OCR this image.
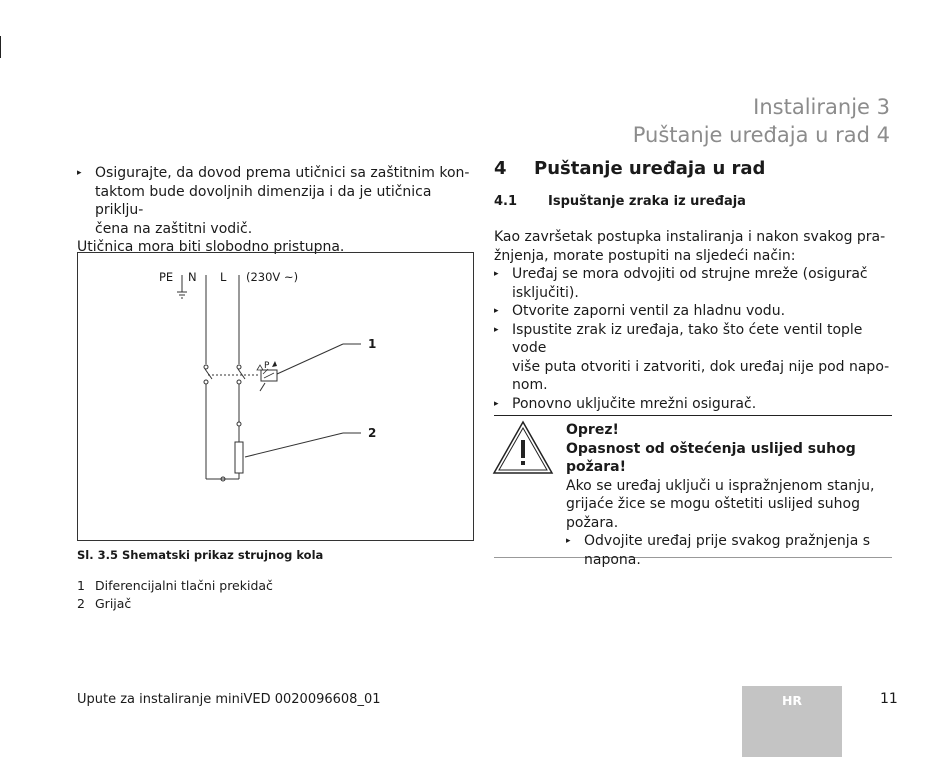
Instaliranje 3
Puštanje uređaja u rad 4
▸ Osigurajte, da dovod prema utičnici sa zaštitnim kon-
taktom bude dovoljnih dimenzija i da je utičnica priklju-
čena na zaštitni vodič.
Utičnica mora biti slobodno pristupna.
PE N L (230V ~)
P
1
2
Sl. 3.5 Shematski prikaz strujnog kola
1 Diferencijalni tlačni prekidač
2 Grijač
4 Puštanje uređaja u rad
4.1 Ispuštanje zraka iz uređaja
Kao završetak postupka instaliranja i nakon svakog pra-
žnjenja, morate postupiti na sljedeći način:
▸ Uređaj se mora odvojiti od strujne mreže (osigurač
isključiti).
▸ Otvorite zaporni ventil za hladnu vodu.
▸ Ispustite zrak iz uređaja, tako što ćete ventil tople vode
više puta otvoriti i zatvoriti, dok uređaj nije pod napo-
nom.
▸ Ponovno uključite mrežni osigurač.
Oprez!
Opasnost od oštećenja uslijed suhog požara!
Ako se uređaj uključi u ispražnjenom stanju,
grijaće žice se mogu oštetiti uslijed suhog
požara.
▸ Odvojite uređaj prije svakog pražnjenja s
napona.
Upute za instaliranje miniVED 0020096608_01	HR	11
